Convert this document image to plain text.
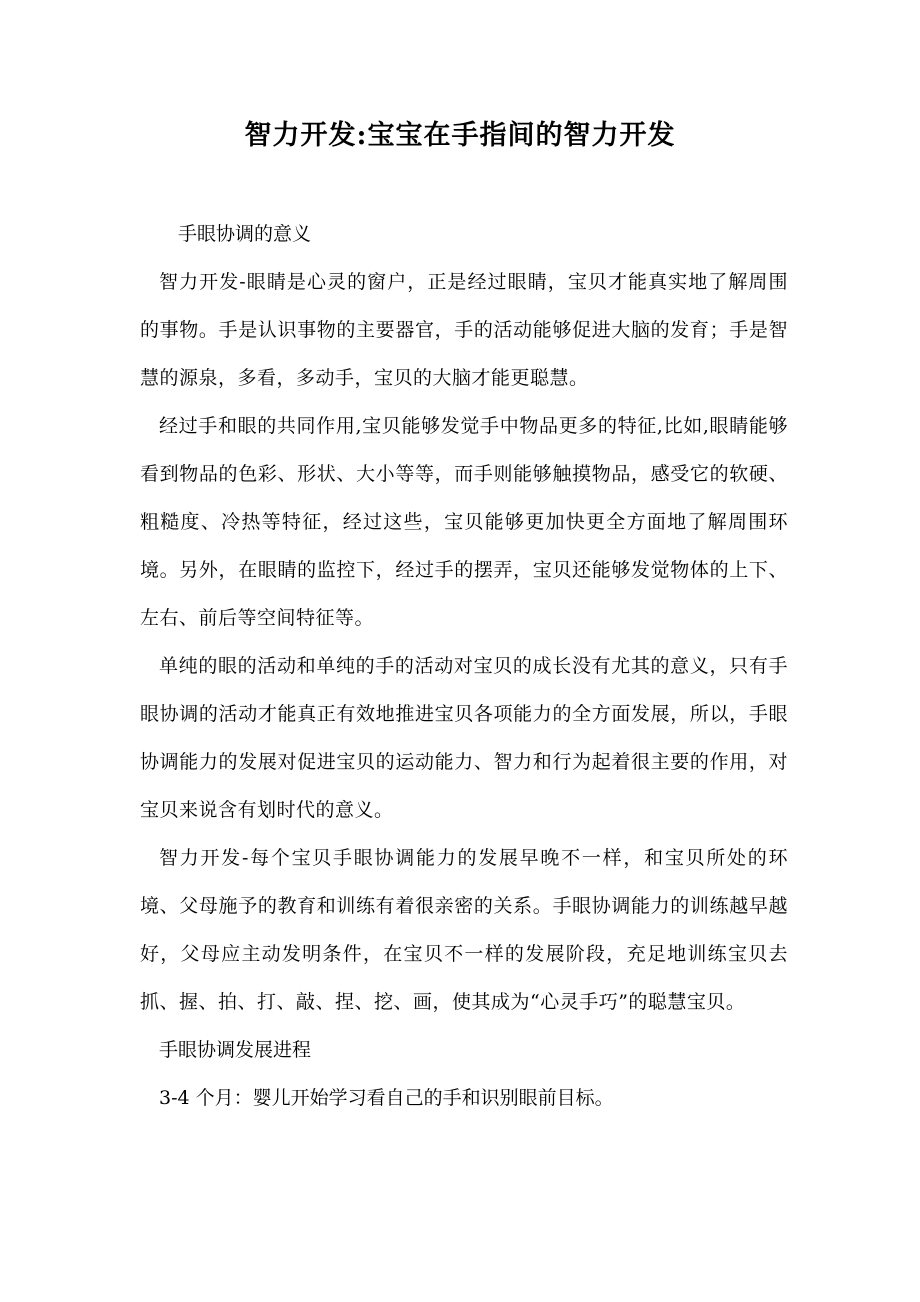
智力开发:宝宝在手指间的智力开发

手眼协调的意义

智力开发-眼睛是心灵的窗户，正是经过眼睛，宝贝才能真实地了解周围的事物。手是认识事物的主要器官，手的活动能够促进大脑的发育；手是智慧的源泉，多看，多动手，宝贝的大脑才能更聪慧。

经过手和眼的共同作用,宝贝能够发觉手中物品更多的特征,比如,眼睛能够看到物品的色彩、形状、大小等等，而手则能够触摸物品，感受它的软硬、粗糙度、冷热等特征，经过这些，宝贝能够更加快更全方面地了解周围环境。另外，在眼睛的监控下，经过手的摆弄，宝贝还能够发觉物体的上下、左右、前后等空间特征等。

单纯的眼的活动和单纯的手的活动对宝贝的成长没有尤其的意义，只有手眼协调的活动才能真正有效地推进宝贝各项能力的全方面发展，所以，手眼协调能力的发展对促进宝贝的运动能力、智力和行为起着很主要的作用，对宝贝来说含有划时代的意义。

智力开发-每个宝贝手眼协调能力的发展早晚不一样，和宝贝所处的环境、父母施予的教育和训练有着很亲密的关系。手眼协调能力的训练越早越好，父母应主动发明条件，在宝贝不一样的发展阶段，充足地训练宝贝去抓、握、拍、打、敲、捏、挖、画，使其成为“心灵手巧”的聪慧宝贝。

手眼协调发展进程

3-4 个月：婴儿开始学习看自己的手和识别眼前目标。
